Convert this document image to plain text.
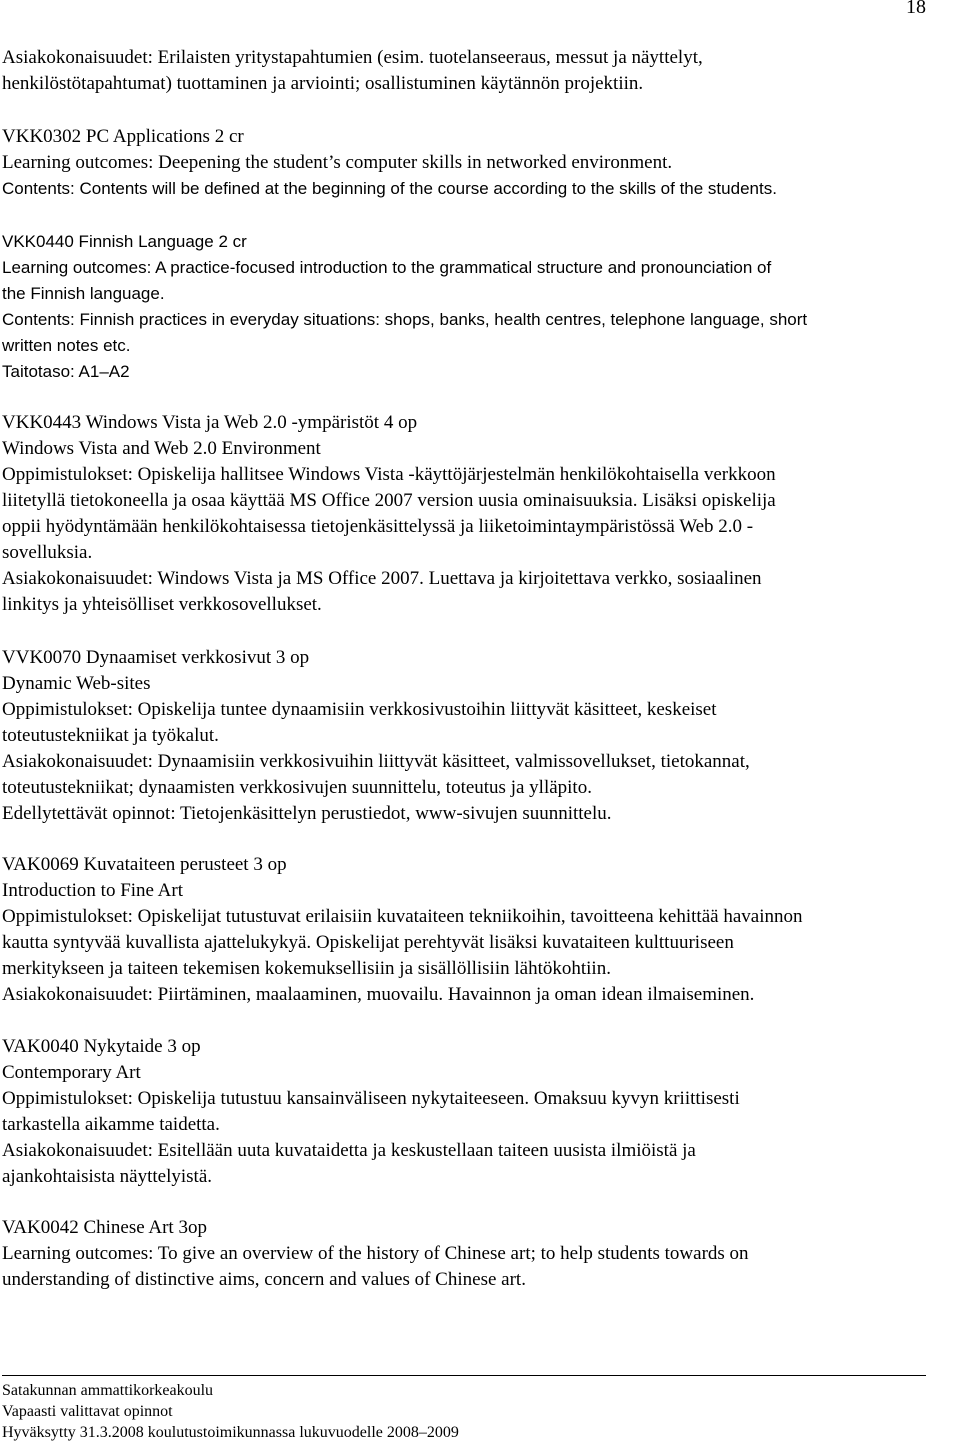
18
Asiakokonaisuudet: Erilaisten yritystapahtumien (esim. tuotelanseeraus, messut ja näyttelyt,
henkilöstötapahtumat) tuottaminen ja arviointi; osallistuminen käytännön projektiin.
VKK0302 PC Applications 2 cr
Learning outcomes: Deepening the student’s computer skills in networked environment.
Contents: Contents will be defined at the beginning of the course according to the skills of the students.
VKK0440 Finnish Language 2 cr
Learning outcomes: A practice-focused introduction to the grammatical structure and pronounciation of
the Finnish language.
Contents: Finnish practices in everyday situations: shops, banks, health centres, telephone language, short
written notes etc.
Taitotaso: A1–A2
VKK0443 Windows Vista ja Web 2.0 -ympäristöt 4 op
Windows Vista and Web 2.0 Environment
Oppimistulokset: Opiskelija hallitsee Windows Vista -käyttöjärjestelmän henkilökohtaisella verkkoon
liitetyllä tietokoneella ja osaa käyttää MS Office 2007 version uusia ominaisuuksia. Lisäksi opiskelija
oppii hyödyntämään henkilökohtaisessa tietojenkäsittelyssä ja liiketoimintaympäristössä Web 2.0 -
sovelluksia.
Asiakokonaisuudet: Windows Vista ja MS Office 2007. Luettava ja kirjoitettava verkko, sosiaalinen
linkitys ja yhteisölliset verkkosovellukset.
VVK0070 Dynaamiset verkkosivut 3 op
Dynamic Web-sites
Oppimistulokset: Opiskelija tuntee dynaamisiin verkkosivustoihin liittyvät käsitteet, keskeiset
toteutustekniikat ja työkalut.
Asiakokonaisuudet: Dynaamisiin verkkosivuihin liittyvät käsitteet, valmissovellukset, tietokannat,
toteutustekniikat; dynaamisten verkkosivujen suunnittelu, toteutus ja ylläpito.
Edellytettävät opinnot: Tietojenkäsittelyn perustiedot, www-sivujen suunnittelu.
VAK0069 Kuvataiteen perusteet 3 op
Introduction to Fine Art
Oppimistulokset: Opiskelijat tutustuvat erilaisiin kuvataiteen tekniikoihin, tavoitteena kehittää havainnon
kautta syntyvää kuvallista ajattelukykyä. Opiskelijat perehtyvät lisäksi kuvataiteen kulttuuriseen
merkitykseen ja taiteen tekemisen kokemuksellisiin ja sisällöllisiin lähtökohtiin.
Asiakokonaisuudet: Piirtäminen, maalaaminen, muovailu. Havainnon ja oman idean ilmaiseminen.
VAK0040 Nykytaide 3 op
Contemporary Art
Oppimistulokset: Opiskelija tutustuu kansainväliseen nykytaiteeseen. Omaksuu kyvyn kriittisesti
tarkastella aikamme taidetta.
Asiakokonaisuudet: Esitellään uuta kuvataidetta ja keskustellaan taiteen uusista ilmiöistä ja
ajankohtaisista näyttelyistä.
VAK0042 Chinese Art 3op
Learning outcomes: To give an overview of the history of Chinese art; to help students towards on
understanding of distinctive aims, concern and values of Chinese art.
Satakunnan ammattikorkeakoulu
Vapaasti valittavat opinnot
Hyväksytty 31.3.2008 koulutustoimikunnassa lukuvuodelle 2008–2009
